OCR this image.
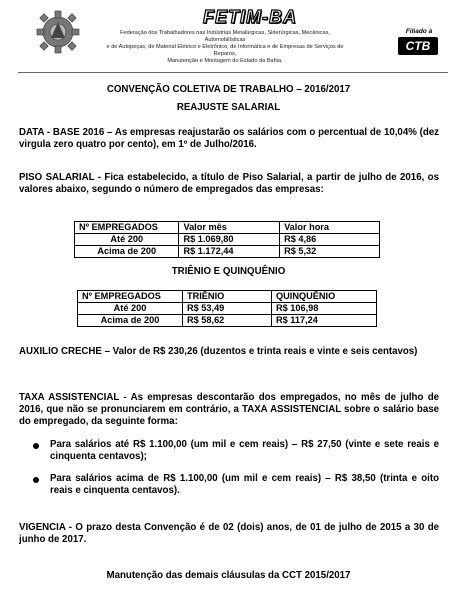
FETIM-BA
Federação dos Trabalhadores nas Indústrias Metalúrgicas, Siderúrgicas, Mecânicas, Automobilísticas
e de Autopeças, de Material Elétrico e Eletrônico, de Informática e de Empresas de Serviços de Reparos,
Manutenção e Montagem do Estado da Bahia.
Filiado à
CTB
CONVENÇÃO COLETIVA DE TRABALHO – 2016/2017
REAJUSTE SALARIAL
DATA - BASE 2016 – As empresas reajustarão os salários com o percentual de 10,04% (dez virgula zero quatro por cento), em 1º de Julho/2016.
PISO SALARIAL - Fica estabelecido, a título de Piso Salarial, a partir de julho de 2016, os valores abaixo, segundo o número de empregados das empresas:
Nº EMPREGADOS	Valor mês	Valor hora
Até 200	R$ 1.069,80	R$ 4,86
Acima de 200	R$ 1.172,44	R$ 5,32
TRIÊNIO E QUINQUÊNIO
Nº EMPREGADOS	TRIÊNIO	QUINQUÊNIO
Até 200	R$ 53,49	R$ 106,98
Acima de 200	R$ 58,62	R$ 117,24
AUXILIO CRECHE – Valor de R$ 230,26 (duzentos e trinta reais e vinte e seis centavos)
TAXA ASSISTENCIAL - As empresas descontarão dos empregados, no mês de julho de 2016, que não se pronunciarem em contrário, a TAXA ASSISTENCIAL sobre o salário base do empregado, da seguinte forma:
Para salários até R$ 1.100,00 (um mil e cem reais) – R$ 27,50 (vinte e sete reais e cinquenta centavos);
Para salários acima de R$ 1.100,00 (um mil e cem reais) – R$ 38,50 (trinta e oito reais e cinquenta centavos).
VIGENCIA - O prazo desta Convenção é de 02 (dois) anos, de 01 de julho de 2015 a 30 de junho de 2017.
Manutenção das demais cláusulas da CCT 2015/2017
